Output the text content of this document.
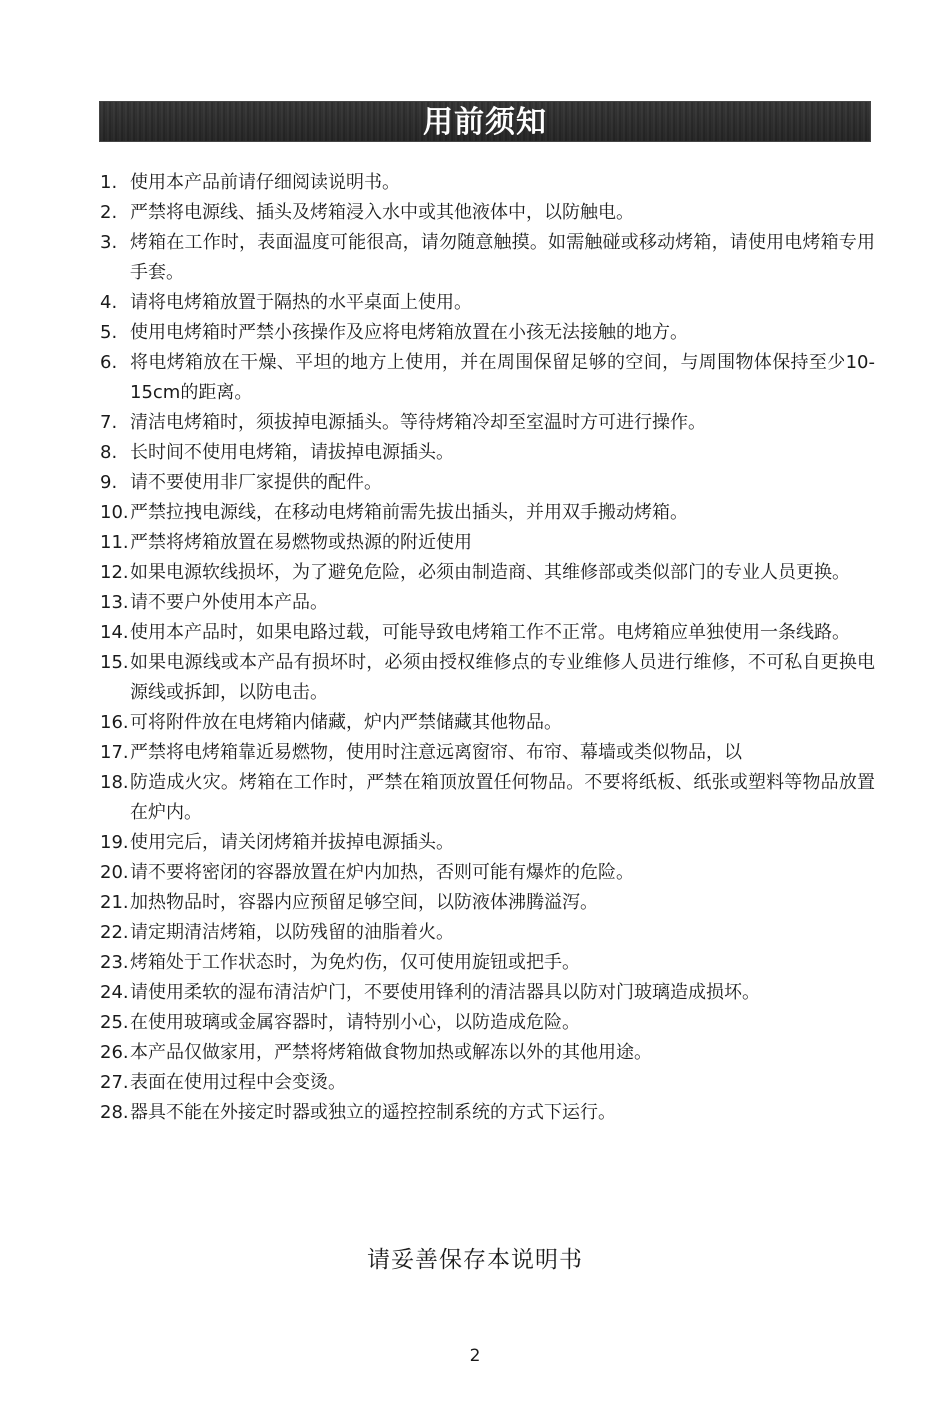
用前须知
1. 使用本产品前请仔细阅读说明书。
2. 严禁将电源线、插头及烤箱浸入水中或其他液体中，以防触电。
3. 烤箱在工作时，表面温度可能很高，请勿随意触摸。如需触碰或移动烤箱，请使用电烤箱专用手套。
4. 请将电烤箱放置于隔热的水平桌面上使用。
5. 使用电烤箱时严禁小孩操作及应将电烤箱放置在小孩无法接触的地方。
6. 将电烤箱放在干燥、平坦的地方上使用，并在周围保留足够的空间，与周围物体保持至少10-15cm的距离。
7. 清洁电烤箱时，须拔掉电源插头。等待烤箱冷却至室温时方可进行操作。
8. 长时间不使用电烤箱，请拔掉电源插头。
9. 请不要使用非厂家提供的配件。
10. 严禁拉拽电源线，在移动电烤箱前需先拔出插头，并用双手搬动烤箱。
11. 严禁将烤箱放置在易燃物或热源的附近使用
12. 如果电源软线损坏，为了避免危险，必须由制造商、其维修部或类似部门的专业人员更换。
13. 请不要户外使用本产品。
14. 使用本产品时，如果电路过载，可能导致电烤箱工作不正常。电烤箱应单独使用一条线路。
15. 如果电源线或本产品有损坏时，必须由授权维修点的专业维修人员进行维修，不可私自更换电源线或拆卸，以防电击。
16. 可将附件放在电烤箱内储藏，炉内严禁储藏其他物品。
17. 严禁将电烤箱靠近易燃物，使用时注意远离窗帘、布帘、幕墙或类似物品，以
18. 防造成火灾。烤箱在工作时，严禁在箱顶放置任何物品。不要将纸板、纸张或塑料等物品放置在炉内。
19. 使用完后，请关闭烤箱并拔掉电源插头。
20. 请不要将密闭的容器放置在炉内加热，否则可能有爆炸的危险。
21. 加热物品时，容器内应预留足够空间，以防液体沸腾溢泻。
22. 请定期清洁烤箱，以防残留的油脂着火。
23. 烤箱处于工作状态时，为免灼伤，仅可使用旋钮或把手。
24. 请使用柔软的湿布清洁炉门，不要使用锋利的清洁器具以防对门玻璃造成损坏。
25. 在使用玻璃或金属容器时，请特别小心，以防造成危险。
26. 本产品仅做家用，严禁将烤箱做食物加热或解冻以外的其他用途。
27. 表面在使用过程中会变烫。
28. 器具不能在外接定时器或独立的遥控控制系统的方式下运行。
请妥善保存本说明书
2
